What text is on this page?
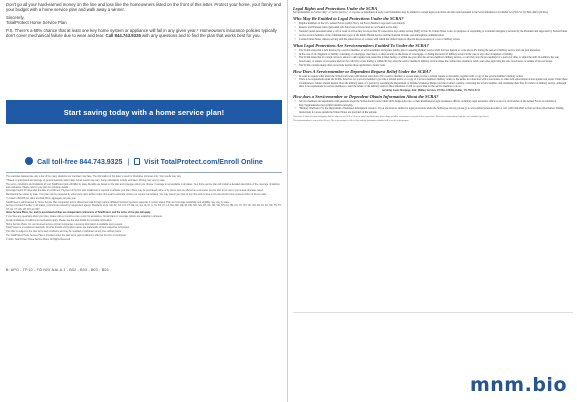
Don't go all your hard-earned money on the line and lose like the homeowners listed on the front of this letter. Protect your home, your family and your budget with a home service plan and walk away a winner.

Sincerely,

TotalProtect Home Service Plan

P.S. There's a 68% chance that at least one key home system or appliance will fail in any given year.* Homeowners insurance policies typically don't cover mechanical failure due to wear and tear. Call 844.743.9325 with any questions and to find the plan that works best for you.

Start saving today with a home service plan!
Call toll-free 844.743.9325 | Visit TotalProtect.com/Enroll Online

The examples featured are only a few of the many situations our members may face. The information in this letter is used for illustrative purposes only. Your results may vary.

* Based on anticipated and average of general national market data. Actual results may vary. Some calculations include estimates. Pricing may vary by state.

The terms, conditions and limitations of your TotalProtect plan will differ by state. Benefits are based on the plan and coverage option you choose. Coverage is not available in all states. Your home service plan will contain a detailed description of the coverage, limitations and exclusions. Please refer to your plan for complete details.

Coverage begins 30 days after the date of enrollment. Payment of the first plan installment is required to activate your plan. Plans may be purchased online or by phone and are offered as a consumer service plan at no cost to you unless otherwise noted.

Membership fee varies by state. Your plan may be cancelled by either party upon written notice. Renewal is automatic unless you request cancellation. You may cancel your plan at any time and receive a pro-rata refund of any unused portion of the fee paid.

* Limited to $3,000 per claim and $10,000 in aggregate per plan year.

TotalProtect is administered by Home Service Plan companies and is offered and sold through various affiliated licensed insurance agencies in certain states. Plan and coverage availability and eligibility may vary by state.

Service Contract Provider: In all states, contracts are issued by independent agents. Residents of AL, AR, AZ, CA, CO, CT, DE, FL, GA, IA, ID, IL, IN, KS, KY, LA, MA, MD, ME, MI, MN, MO, MS, MT, NC, ND, NE, NH, NJ, NM, NV, NY, OH, OK, OR, PA, RI, SC, SD, TN, TX, UT, VA, VT, WA, WI, WV and WY.

Home Service Plans, Inc. and its associated entities are independent contractors of TotalProtect, and the terms of the plan will apply.

If you have any questions about your plan, please call our customer care center for assistance. Not all plans or coverage options are available in all areas.

Certain limitations, conditions and exclusions apply. Please see the plan details for complete information.

Home Service Plans, Inc. are licensed service contract companies. Licensing information is available upon request.

Total Protect is a registered trademark. All other brands and product names are trademarks of their respective companies.

This offer is subject to the plan terms and conditions and may be modified or withdrawn at any time without notice.

The TotalProtect Home Service Plan is provided under the plan terms and conditions in effect at the time of enrollment.

© 2024. Total Protect Home Service Plans. All Rights Reserved.

B: APG - TP.10 - FO.IWX.NAI.A.1 - B02 - B03 - B03 - B03
Legal Rights and Protections Under the SCRA

Servicemembers on "active duty" or "active service," or a spouse or dependent of such a servicemember may be entitled to certain legal protections and debt relief pursuant to the Servicemembers Civil Relief Act (50 USC §§ 3901-4043) (SCRA).

Who May Be Entitled to Legal Protections Under the SCRA?
• Regular members of the U.S. Armed Forces (Army, Navy, Air Force, Marine Corps and Coast Guard).
• Reserve and National Guard personnel who have been activated and are on Federal active duty.
• National Guard personnel under a call or order to active duty for more than 30 consecutive days under section 502(f) of title 32, United States Code, for purposes of responding to a national emergency declared by the President and supported by Federal funds.
• Active service members of the commissioned corps of the Public Health Service and the National Oceanic and Atmospheric Administration.
• Certain United States citizens serving with the armed forces of a nation with which the United States is allied in the prosecution of a war or military action.
What Legal Protections Are Servicemembers Entitled To Under the SCRA?
• The SCRA states that a debt incurred by a service member, or service member and spouse jointly, prior to entering military service shall not bear interest at a rate above 6% during the period of military service and one year thereafter.
• In the case of an obligation or liability consisting of a mortgage, trust deed, or other security in the nature of a mortgage, or during the period of military service in the case of any other obligation or liability.
• The SCRA states that in a single action to enforce a debt against real estate that is filed during, or within one year after the service member's military service, a court may stop the proceedings for a period of time, or adjust the debt. In addition, the sale, foreclosure, or seizure of real estate shall not be valid if it occurs during or within 90 days after the service member's military service unless the creditor has obtained a valid court order approving the sale, foreclosure, or seizure of the real estate.
• The SCRA contains many other protections besides those applicable to home loans.
How Does A Servicemember or Dependent Request Relief Under the SCRA?
• In order to request relief under the SCRA from loans with interest rates above 6% a service member or spouse must provide a written request to the lender, together with a copy of the service member's military orders.
• There is no requirement under the SCRA, however, for a service member to provide a written notice or a copy of a service member's military orders to the lender in connection with a foreclosure or other debt enforcement action against real estate. Under these circumstances, lenders should inquire about the military status of a person by searching the Department of Defense's Defense Manpower Data Center's website, contacting the service member, and examining their files for indicia of military service. Although there is no requirement for service members to alert the lender of the military status in these situations, it still is a good idea for the service member to do so.

Servicing Loans Mortgage, Attn: Military Services, PO Box 619094, Dallas, TX 75261-9741

How does a Servicemember or Dependent Obtain Information About the SCRA?
• Service members and dependents with questions about the SCRA should contact their unit's Judge Advocate, or their installation's Legal Assistance Officer. A military legal assistance office locator for all branches of the Armed Forces is available at http://legalassistance.law.af.mil/content/locator.php.
• "Military OneSource" is the Department of Defense's information resource. If you are listed as entitled to legal protections under the SCRA (see above), please go to www.militaryonesource.mil or call 1-800-342-9647 to find out more information. Dialing instructions for areas outside the United States are provided on the website.

This notice is limited to those obligations that are subject to the SCRA. Please be aware that bankruptcy proceedings and other circumstances may affect these protections. This notice is informational and does not constitute legal advice.

This communication is from a debt collector. This is an attempt to collect a debt and any information obtained will be used for that purpose.

mnm.bio
